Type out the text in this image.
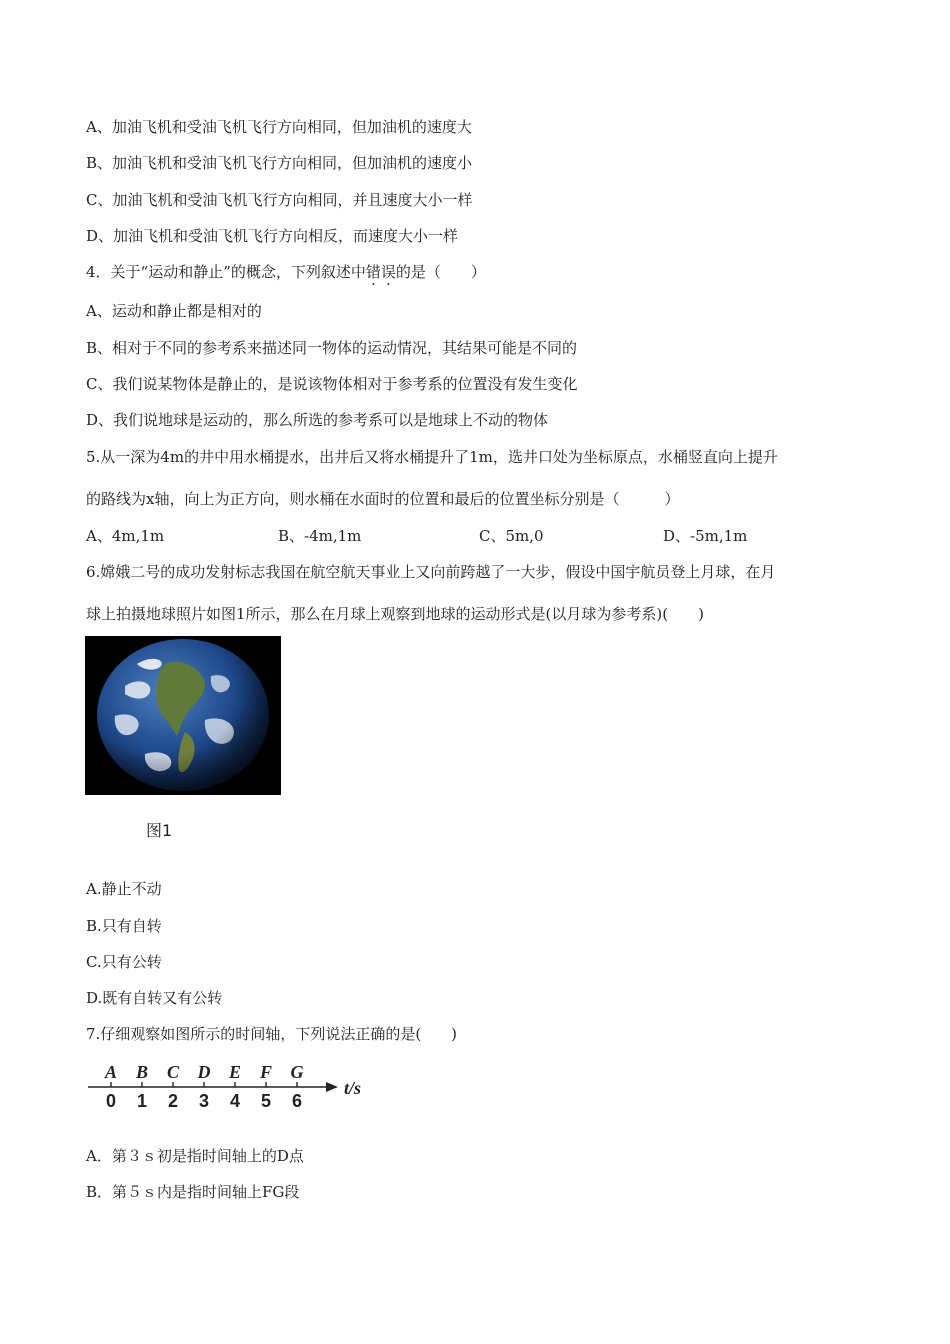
A、加油飞机和受油飞机飞行方向相同，但加油机的速度大
B、加油飞机和受油飞机飞行方向相同，但加油机的速度小
C、加油飞机和受油飞机飞行方向相同，并且速度大小一样
D、加油飞机和受油飞机飞行方向相反，而速度大小一样
4．关于“运动和静止”的概念，下列叙述中错误的是（　　）
A、运动和静止都是相对的
B、相对于不同的参考系来描述同一物体的运动情况，其结果可能是不同的
C、我们说某物体是静止的，是说该物体相对于参考系的位置没有发生变化
D、我们说地球是运动的，那么所选的参考系可以是地球上不动的物体
5.从一深为4m的井中用水桶提水，出井后又将水桶提升了1m，选井口处为坐标原点，水桶竖直向上提升
的路线为x轴，向上为正方向，则水桶在水面时的位置和最后的位置坐标分别是（　　　）
A、4m,1m	B、-4m,1m	C、5m,0	D、-5m,1m
6.嫦娥二号的成功发射标志我国在航空航天事业上又向前跨越了一大步，假设中国宇航员登上月球，在月
球上拍摄地球照片如图1所示，那么在月球上观察到地球的运动形式是(以月球为参考系)(　　)
图1
A.静止不动
B.只有自转
C.只有公转
D.既有自转又有公转
7.仔细观察如图所示的时间轴，下列说法正确的是(　　)
A
0
B
1
C
2
D
3
E
4
F
5
G
6
t/s
A．第３ｓ初是指时间轴上的D点
B．第５ｓ内是指时间轴上FG段
